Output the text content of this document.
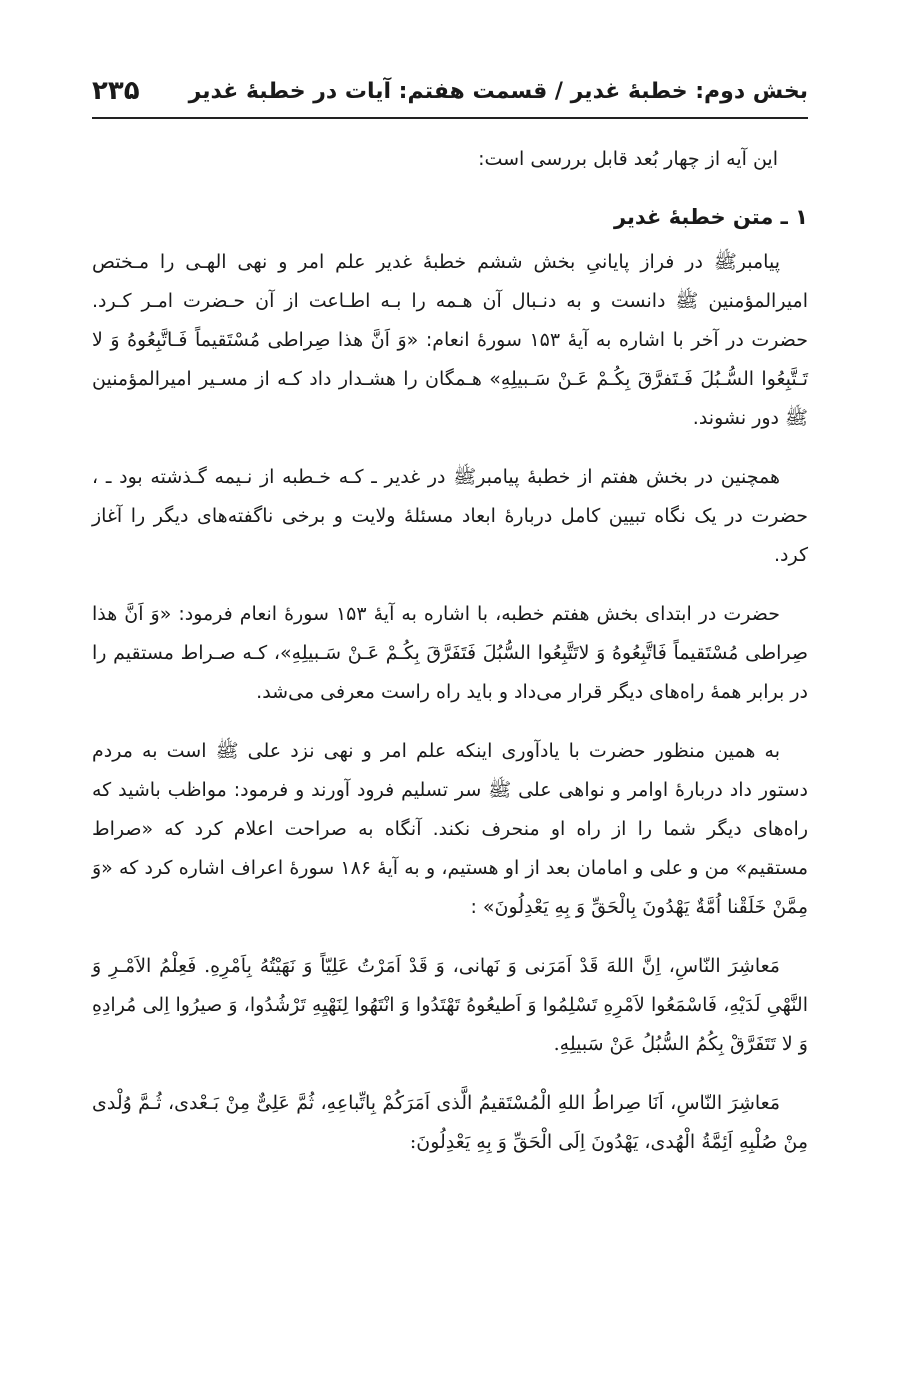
بخش دوم: خطبۀ غدیر / قسمت هفتم: آیات در خطبۀ غدیر
۲۳۵

این آیه از چهار بُعد قابل بررسی است:

۱ ـ متن خطبۀ غدیر

پیامبرﷺ در فراز پایانیِ بخش ششم خطبۀ غدیر علم امر و نهی الهـی را مـختص امیرالمؤمنین ﷺ دانست و به دنـبال آن هـمه را بـه اطـاعت از آن حـضرت امـر کـرد. حضرت در آخر با اشاره به آیۀ ۱۵۳ سورۀ انعام: «وَ اَنَّ هذا صِراطی مُسْتَقیماً فَـاتَّبِعُوهُ وَ لا تَـتَّبِعُوا السُّـبُلَ فَـتَفرَّقَ بِکُـمْ عَـنْ سَـبیلِهِ» هـمگان را هشـدار داد کـه از مسـیر امیرالمؤمنین ﷺ دور نشوند.

همچنین در بخش هفتم از خطبۀ پیامبرﷺ در غدیر ـ کـه خـطبه از نـیمه گـذشته بود ـ ، حضرت در یک نگاه تبیین کامل دربارۀ ابعاد مسئلۀ ولایت و برخی ناگفته‌های دیگر را آغاز کرد.

حضرت در ابتدای بخش هفتم خطبه، با اشاره به آیۀ ۱۵۳ سورۀ انعام فرمود: «وَ اَنَّ هذا صِراطی مُسْتَقیماً فَاتَّبِعُوهُ وَ لاتَتَّبِعُوا السُّبُلَ فَتَفَرَّقَ بِکُـمْ عَـنْ سَـبیلِهِ»، کـه صـراط مستقیم را در برابر همۀ راه‌های دیگر قرار می‌داد و باید راه راست معرفی می‌شد.

به همین منظور حضرت با یادآوری اینکه علم امر و نهی نزد علی ﷺ است به مردم دستور داد دربارۀ اوامر و نواهی علی ﷺ سر تسلیم فرود آورند و فرمود: مواظب باشید که راه‌های دیگر شما را از راه او منحرف نکند. آنگاه به صراحت اعلام کرد که «صراط مستقیم» من و علی و امامان بعد از او هستیم، و به آیۀ ۱۸۶ سورۀ اعراف اشاره کرد که «وَ مِمَّنْ خَلَقْنا اُمَّةٌ یَهْدُونَ بِالْحَقِّ وَ بِهِ یَعْدِلُونَ» :

مَعاشِرَ النّاسِ، اِنَّ اللهَ قَدْ اَمَرَنی وَ نَهانی، وَ قَدْ اَمَرْتُ عَلِیّاً وَ نَهَیْتُهُ بِاَمْرِهِ. فَعِلْمُ الاَمْـرِ وَ النَّهْیِ لَدَیْهِ، فَاسْمَعُوا لاَمْرِهِ تَسْلِمُوا وَ اَطیعُوهُ تَهْتَدُوا وَ انْتَهُوا لِنَهْیِهِ تَرْشُدُوا، وَ صیرُوا اِلی مُرادِهِ وَ لا تَتَفَرَّقْ بِکُمُ السُّبُلُ عَنْ سَبیلِهِ.

مَعاشِرَ النّاسِ، اَنَا صِراطُ اللهِ الْمُسْتَقیمُ الَّذی اَمَرَکُمْ بِاتِّباعِهِ، ثُمَّ عَلِیٌّ مِنْ بَـعْدی، ثُـمَّ وُلْدی مِنْ صُلْبِهِ اَئِمَّةُ الْهُدی، یَهْدُونَ اِلَی الْحَقِّ وَ بِهِ یَعْدِلُونَ:
